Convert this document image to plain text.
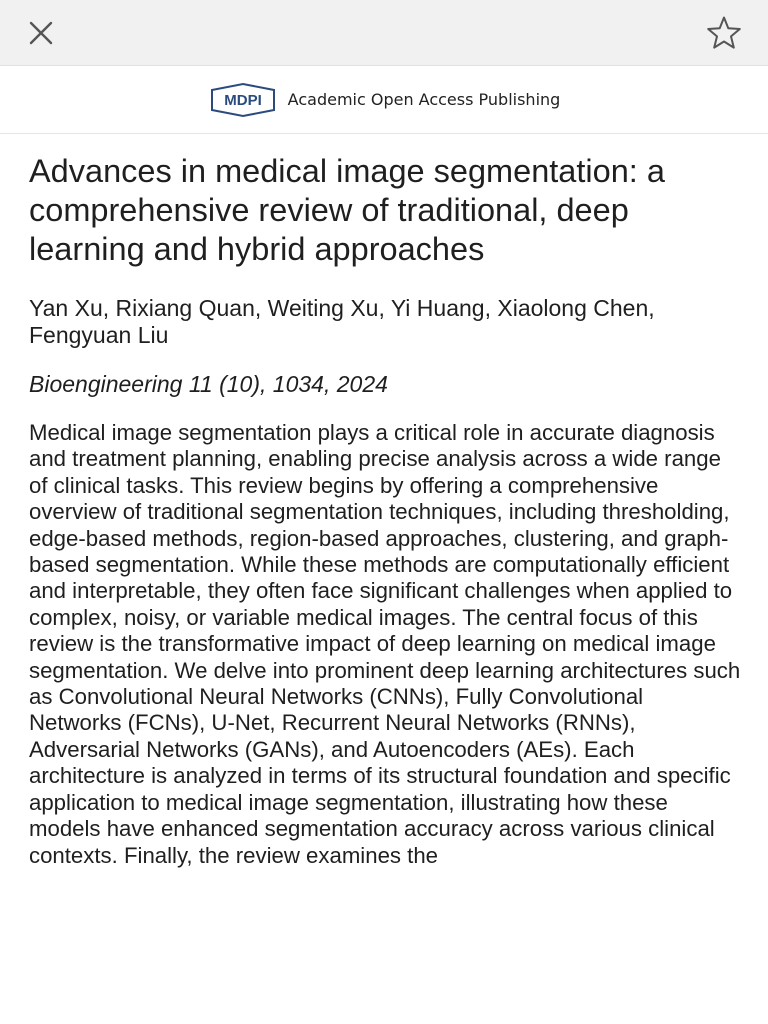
MDPI Academic Open Access Publishing
Advances in medical image segmentation: a comprehensive review of traditional, deep learning and hybrid approaches

Yan Xu, Rixiang Quan, Weiting Xu, Yi Huang, Xiaolong Chen, Fengyuan Liu

Bioengineering 11 (10), 1034, 2024

Medical image segmentation plays a critical role in accurate diagnosis and treatment planning, enabling precise analysis across a wide range of clinical tasks. This review begins by offering a comprehensive overview of traditional segmentation techniques, including thresholding, edge-based methods, region-based approaches, clustering, and graph-based segmentation. While these methods are computationally efficient and interpretable, they often face significant challenges when applied to complex, noisy, or variable medical images. The central focus of this review is the transformative impact of deep learning on medical image segmentation. We delve into prominent deep learning architectures such as Convolutional Neural Networks (CNNs), Fully Convolutional Networks (FCNs), U-Net, Recurrent Neural Networks (RNNs), Adversarial Networks (GANs), and Autoencoders (AEs). Each architecture is analyzed in terms of its structural foundation and specific application to medical image segmentation, illustrating how these models have enhanced segmentation accuracy across various clinical contexts. Finally, the review examines the
